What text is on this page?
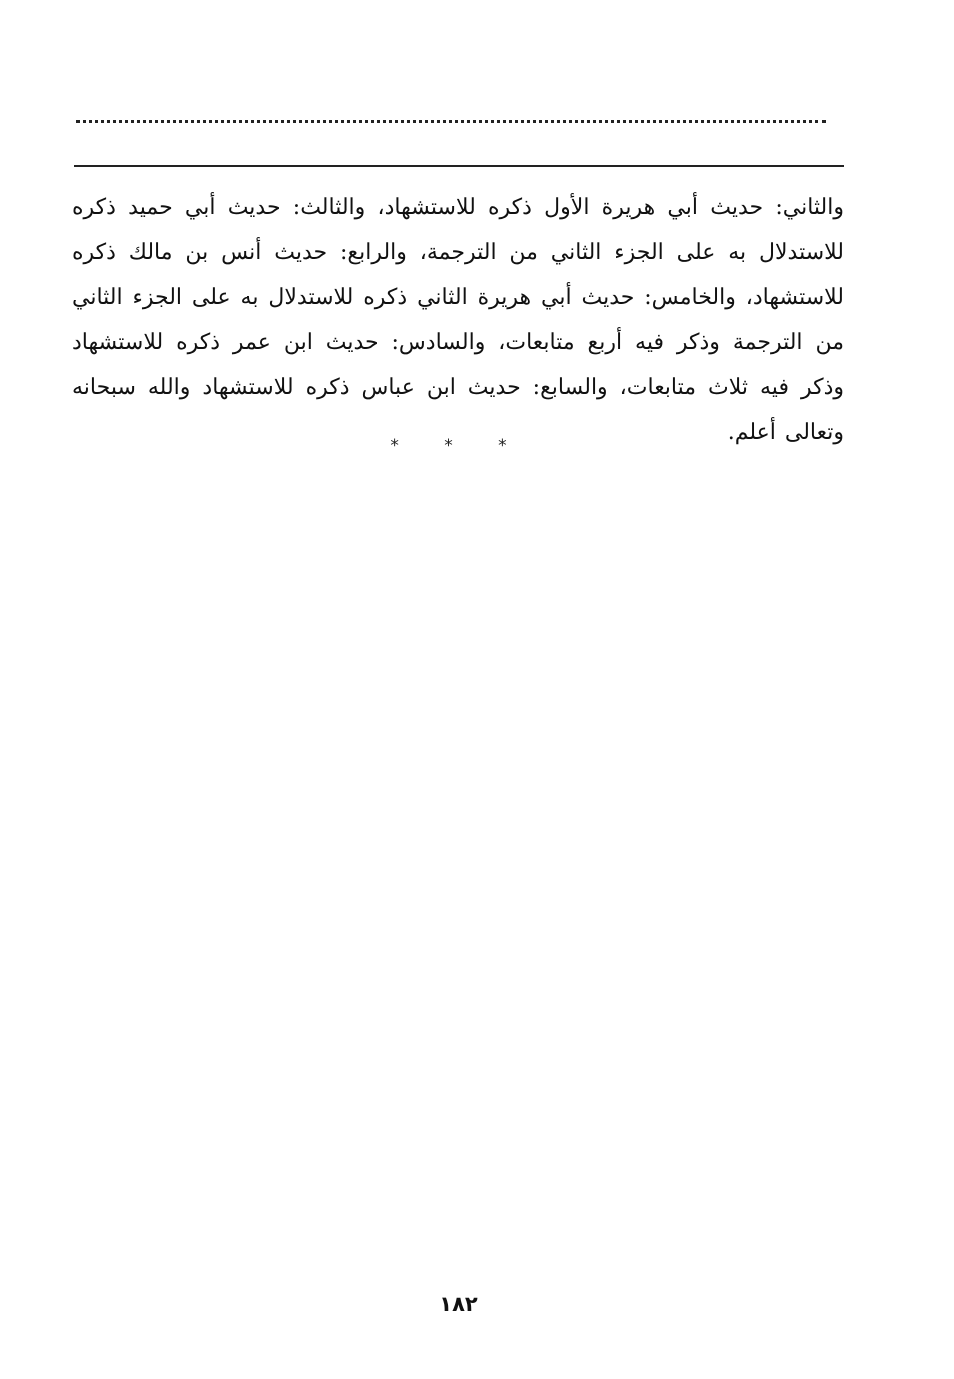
والثاني: حديث أبي هريرة الأول ذكره للاستشهاد، والثالث: حديث أبي حميد ذكره للاستدلال به على الجزء الثاني من الترجمة، والرابع: حديث أنس بن مالك ذكره للاستشهاد، والخامس: حديث أبي هريرة الثاني ذكره للاستدلال به على الجزء الثاني من الترجمة وذكر فيه أربع متابعات، والسادس: حديث ابن عمر ذكره للاستشهاد وذكر فيه ثلاث متابعات، والسابع: حديث ابن عباس ذكره للاستشهاد والله سبحانه وتعالى أعلم.

* * *
١٨٢
